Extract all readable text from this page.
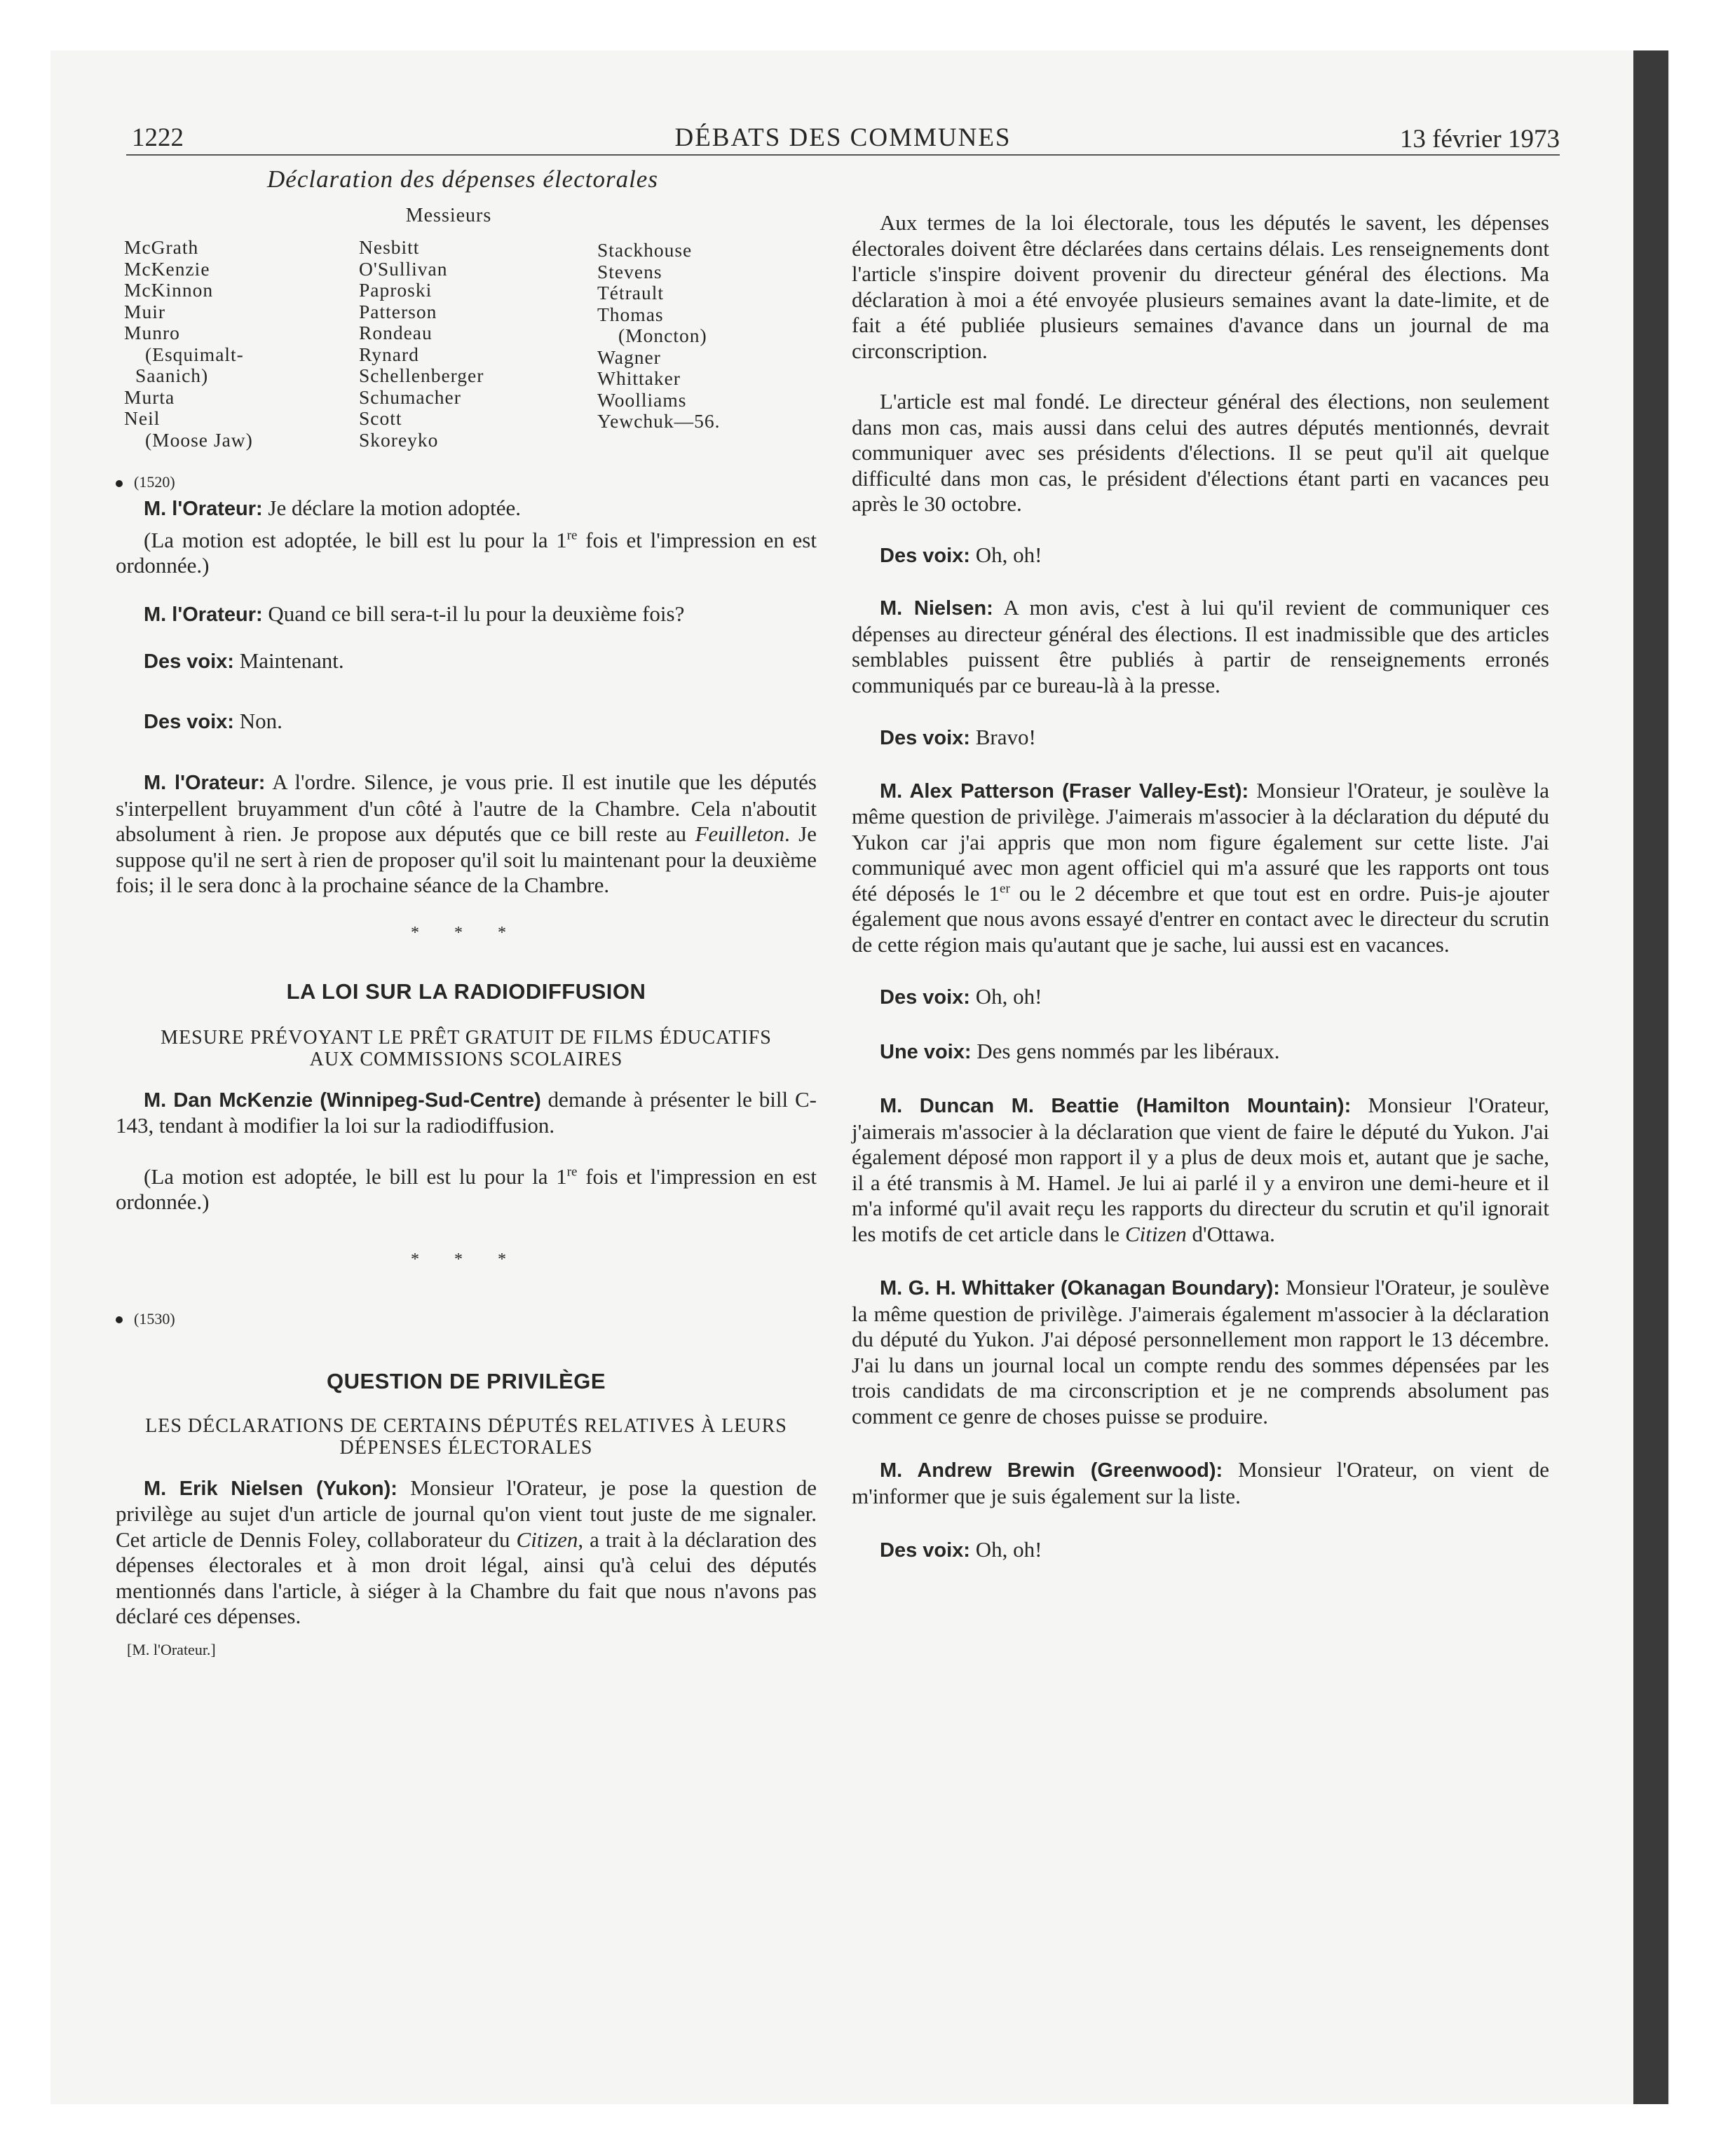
1222	DÉBATS DES COMMUNES	13 février 1973
Déclaration des dépenses électorales
Messieurs
McGrath
McKenzie
McKinnon
Muir
Munro
(Esquimalt-
Saanich)
Murta
Neil
(Moose Jaw)
Nesbitt
O'Sullivan
Paproski
Patterson
Rondeau
Rynard
Schellenberger
Schumacher
Scott
Skoreyko
Stackhouse
Stevens
Tétrault
Thomas
(Moncton)
Wagner
Whittaker
Woolliams
Yewchuk—56.
(1520)

M. l'Orateur: Je déclare la motion adoptée.

(La motion est adoptée, le bill est lu pour la 1re fois et l'impression en est ordonnée.)

M. l'Orateur: Quand ce bill sera-t-il lu pour la deuxième fois?

Des voix: Maintenant.

Des voix: Non.

M. l'Orateur: A l'ordre. Silence, je vous prie. Il est inutile que les députés s'interpellent bruyamment d'un côté à l'autre de la Chambre. Cela n'aboutit absolument à rien. Je propose aux députés que ce bill reste au Feuilleton. Je suppose qu'il ne sert à rien de proposer qu'il soit lu maintenant pour la deuxième fois; il le sera donc à la prochaine séance de la Chambre.

* * *
LA LOI SUR LA RADIODIFFUSION
MESURE PRÉVOYANT LE PRÊT GRATUIT DE FILMS ÉDUCATIFS AUX COMMISSIONS SCOLAIRES

M. Dan McKenzie (Winnipeg-Sud-Centre) demande à présenter le bill C-143, tendant à modifier la loi sur la radiodiffusion.

(La motion est adoptée, le bill est lu pour la 1re fois et l'impression en est ordonnée.)

* * *
(1530)
QUESTION DE PRIVILÈGE
LES DÉCLARATIONS DE CERTAINS DÉPUTÉS RELATIVES À LEURS DÉPENSES ÉLECTORALES

M. Erik Nielsen (Yukon): Monsieur l'Orateur, je pose la question de privilège au sujet d'un article de journal qu'on vient tout juste de me signaler. Cet article de Dennis Foley, collaborateur du Citizen, a trait à la déclaration des dépenses électorales et à mon droit légal, ainsi qu'à celui des députés mentionnés dans l'article, à siéger à la Chambre du fait que nous n'avons pas déclaré ces dépenses.

[M. l'Orateur.]

Aux termes de la loi électorale, tous les députés le savent, les dépenses électorales doivent être déclarées dans certains délais. Les renseignements dont l'article s'inspire doivent provenir du directeur général des élections. Ma déclaration à moi a été envoyée plusieurs semaines avant la date-limite, et de fait a été publiée plusieurs semaines d'avance dans un journal de ma circonscription.

L'article est mal fondé. Le directeur général des élections, non seulement dans mon cas, mais aussi dans celui des autres députés mentionnés, devrait communiquer avec ses présidents d'élections. Il se peut qu'il ait quelque difficulté dans mon cas, le président d'élections étant parti en vacances peu après le 30 octobre.

Des voix: Oh, oh!

M. Nielsen: A mon avis, c'est à lui qu'il revient de communiquer ces dépenses au directeur général des élections. Il est inadmissible que des articles semblables puissent être publiés à partir de renseignements erronés communiqués par ce bureau-là à la presse.

Des voix: Bravo!

M. Alex Patterson (Fraser Valley-Est): Monsieur l'Orateur, je soulève la même question de privilège. J'aimerais m'associer à la déclaration du député du Yukon car j'ai appris que mon nom figure également sur cette liste. J'ai communiqué avec mon agent officiel qui m'a assuré que les rapports ont tous été déposés le 1er ou le 2 décembre et que tout est en ordre. Puis-je ajouter également que nous avons essayé d'entrer en contact avec le directeur du scrutin de cette région mais qu'autant que je sache, lui aussi est en vacances.

Des voix: Oh, oh!

Une voix: Des gens nommés par les libéraux.

M. Duncan M. Beattie (Hamilton Mountain): Monsieur l'Orateur, j'aimerais m'associer à la déclaration que vient de faire le député du Yukon. J'ai également déposé mon rapport il y a plus de deux mois et, autant que je sache, il a été transmis à M. Hamel. Je lui ai parlé il y a environ une demi-heure et il m'a informé qu'il avait reçu les rapports du directeur du scrutin et qu'il ignorait les motifs de cet article dans le Citizen d'Ottawa.

M. G. H. Whittaker (Okanagan Boundary): Monsieur l'Orateur, je soulève la même question de privilège. J'aimerais également m'associer à la déclaration du député du Yukon. J'ai déposé personnellement mon rapport le 13 décembre. J'ai lu dans un journal local un compte rendu des sommes dépensées par les trois candidats de ma circonscription et je ne comprends absolument pas comment ce genre de choses puisse se produire.

M. Andrew Brewin (Greenwood): Monsieur l'Orateur, on vient de m'informer que je suis également sur la liste.

Des voix: Oh, oh!
